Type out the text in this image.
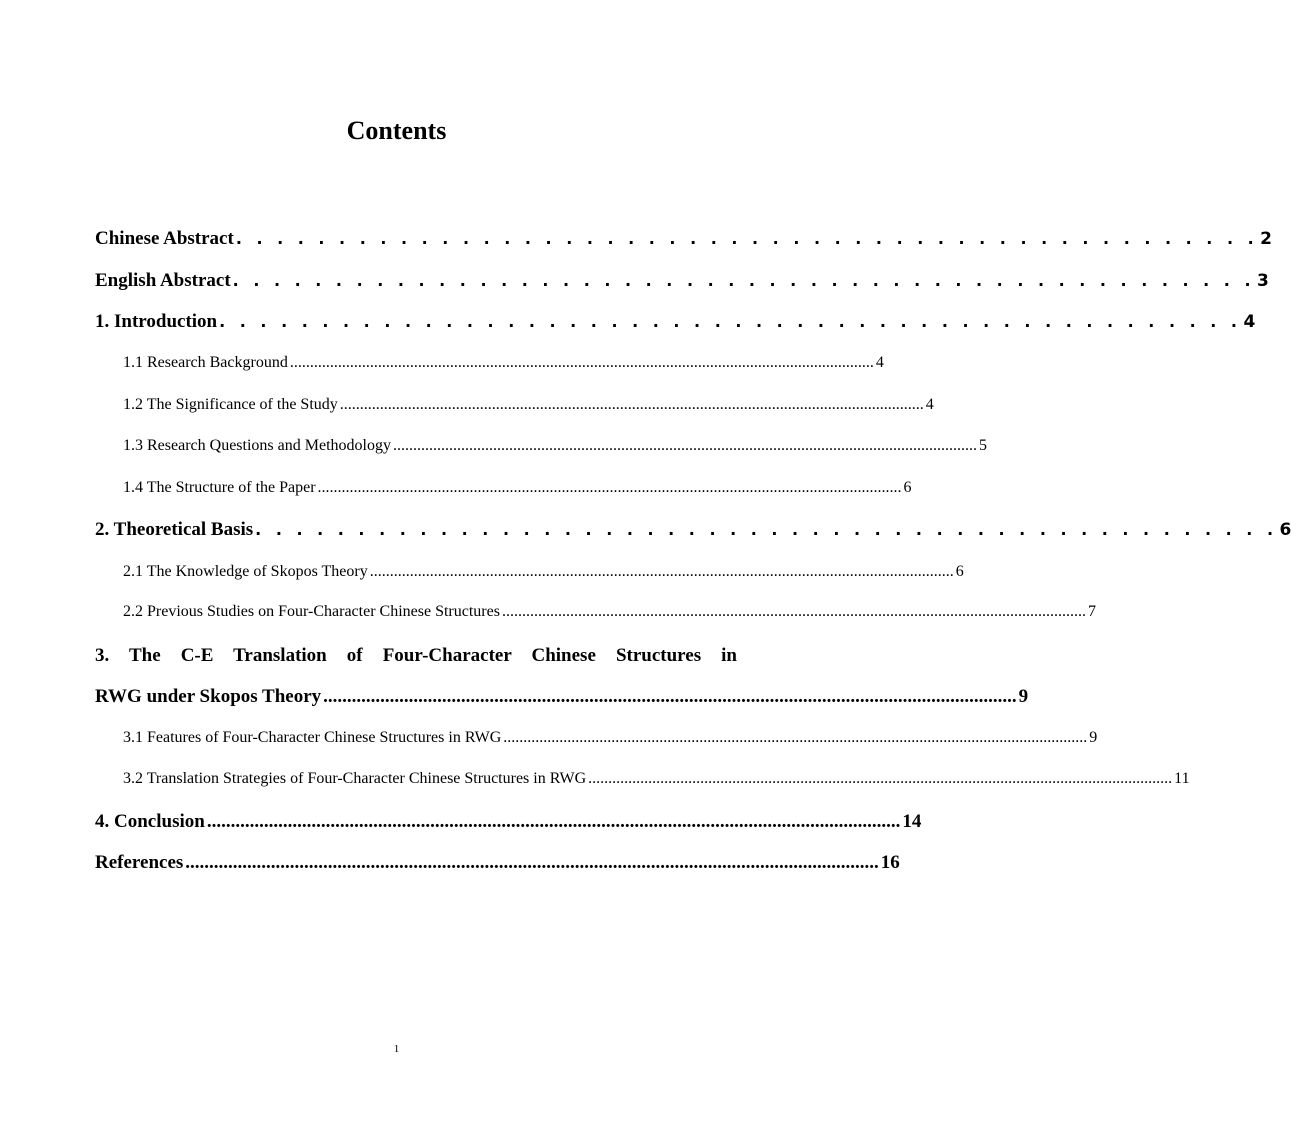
Contents
Chinese Abstract . . . . . . . . . . . . . . . . . . . . . . . . . . . . . . . . . . . . . . . . . . . . . . . . . . 2
English Abstract . . . . . . . . . . . . . . . . . . . . . . . . . . . . . . . . . . . . . . . . . . . . . . . . . . 3
1. Introduction . . . . . . . . . . . . . . . . . . . . . . . . . . . . . . . . . . . . . . . . . . . . . . . . . . 4
1.1 Research Background .................................................................................................................................................. 4
1.2 The Significance of the Study .................................................................................................................................................. 4
1.3 Research Questions and Methodology .................................................................................................................................................. 5
1.4 The Structure of the Paper .................................................................................................................................................. 6
2. Theoretical Basis . . . . . . . . . . . . . . . . . . . . . . . . . . . . . . . . . . . . . . . . . . . . . . . . . . 6
2.1 The Knowledge of Skopos Theory .................................................................................................................................................. 6
2.2 Previous Studies on Four-Character Chinese Structures .................................................................................................................................................. 7
3. The C-E Translation of Four-Character Chinese Structures in
RWG under Skopos Theory .................................................................................................................................................. 9
3.1 Features of Four-Character Chinese Structures in RWG .................................................................................................................................................. 9
3.2 Translation Strategies of Four-Character Chinese Structures in RWG .................................................................................................................................................. 11
4. Conclusion .................................................................................................................................................. 14
References .................................................................................................................................................. 16
1
